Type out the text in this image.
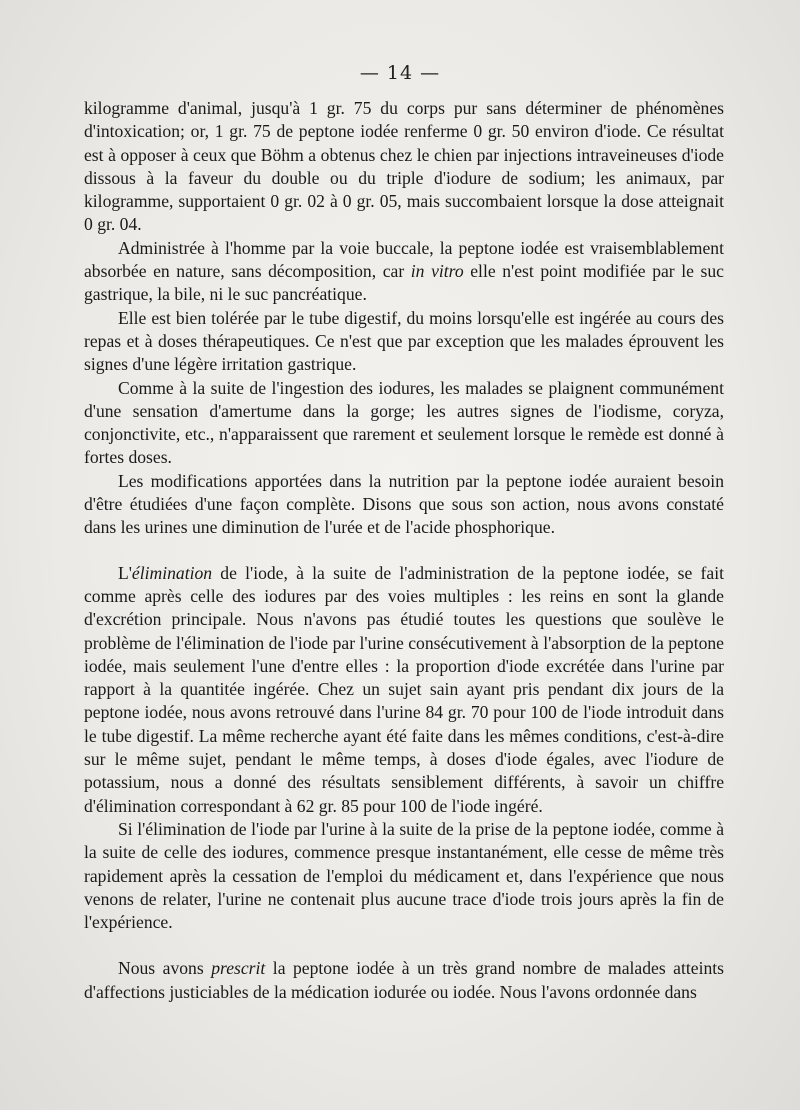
— 14 —

kilogramme d'animal, jusqu'à 1 gr. 75 du corps pur sans déterminer de phénomènes d'intoxication; or, 1 gr. 75 de peptone iodée renferme 0 gr. 50 environ d'iode. Ce résultat est à opposer à ceux que Böhm a obtenus chez le chien par injections intraveineuses d'iode dissous à la faveur du double ou du triple d'iodure de sodium; les animaux, par kilogramme, supportaient 0 gr. 02 à 0 gr. 05, mais succombaient lorsque la dose atteignait 0 gr. 04.

Administrée à l'homme par la voie buccale, la peptone iodée est vraisemblablement absorbée en nature, sans décomposition, car in vitro elle n'est point modifiée par le suc gastrique, la bile, ni le suc pancréatique.

Elle est bien tolérée par le tube digestif, du moins lorsqu'elle est ingérée au cours des repas et à doses thérapeutiques. Ce n'est que par exception que les malades éprouvent les signes d'une légère irritation gastrique.

Comme à la suite de l'ingestion des iodures, les malades se plaignent communément d'une sensation d'amertume dans la gorge; les autres signes de l'iodisme, coryza, conjonctivite, etc., n'apparaissent que rarement et seulement lorsque le remède est donné à fortes doses.

Les modifications apportées dans la nutrition par la peptone iodée auraient besoin d'être étudiées d'une façon complète. Disons que sous son action, nous avons constaté dans les urines une diminution de l'urée et de l'acide phosphorique.

L'élimination de l'iode, à la suite de l'administration de la peptone iodée, se fait comme après celle des iodures par des voies multiples : les reins en sont la glande d'excrétion principale. Nous n'avons pas étudié toutes les questions que soulève le problème de l'élimination de l'iode par l'urine consécutivement à l'absorption de la peptone iodée, mais seulement l'une d'entre elles : la proportion d'iode excrétée dans l'urine par rapport à la quantitée ingérée. Chez un sujet sain ayant pris pendant dix jours de la peptone iodée, nous avons retrouvé dans l'urine 84 gr. 70 pour 100 de l'iode introduit dans le tube digestif. La même recherche ayant été faite dans les mêmes conditions, c'est-à-dire sur le même sujet, pendant le même temps, à doses d'iode égales, avec l'iodure de potassium, nous a donné des résultats sensiblement différents, à savoir un chiffre d'élimination correspondant à 62 gr. 85 pour 100 de l'iode ingéré.

Si l'élimination de l'iode par l'urine à la suite de la prise de la peptone iodée, comme à la suite de celle des iodures, commence presque instantanément, elle cesse de même très rapidement après la cessation de l'emploi du médicament et, dans l'expérience que nous venons de relater, l'urine ne contenait plus aucune trace d'iode trois jours après la fin de l'expérience.

Nous avons prescrit la peptone iodée à un très grand nombre de malades atteints d'affections justiciables de la médication iodurée ou iodée. Nous l'avons ordonnée dans
